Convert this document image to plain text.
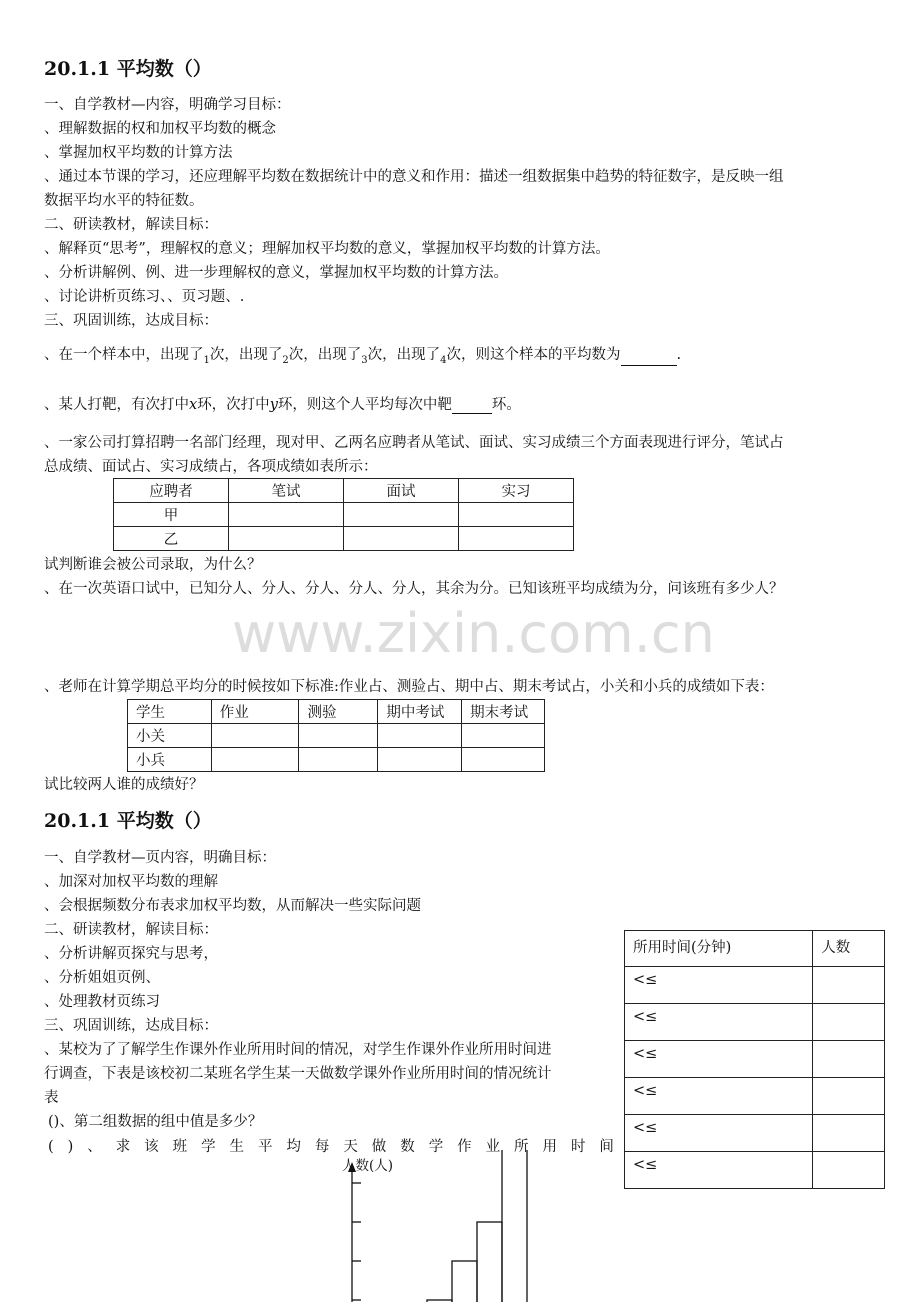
www.zixin.com.cn
20.1.1 平均数（）
一、自学教材—内容，明确学习目标：
、理解数据的权和加权平均数的概念
、掌握加权平均数的计算方法
、通过本节课的学习，还应理解平均数在数据统计中的意义和作用：描述一组数据集中趋势的特征数字，是反映一组
数据平均水平的特征数。
二、研读教材，解读目标：
、解释页“思考”，理解权的意义；理解加权平均数的意义，掌握加权平均数的计算方法。
、分析讲解例、例、进一步理解权的意义，掌握加权平均数的计算方法。
、讨论讲析页练习、、页习题、.
三、巩固训练，达成目标：
、在一个样本中，出现了$_1$次，出现了$_2$次，出现了$_3$次，出现了$_4$次，则这个样本的平均数为	.
、某人打靶，有次打中x环，次打中y环，则这个人平均每次中靶	环。
、一家公司打算招聘一名部门经理，现对甲、乙两名应聘者从笔试、面试、实习成绩三个方面表现进行评分，笔试占
总成绩、面试占、实习成绩占，各项成绩如表所示：
应聘者	笔试	面试	实习
甲			
乙			
试判断谁会被公司录取，为什么？
、在一次英语口试中，已知分人、分人、分人、分人、分人，其余为分。已知该班平均成绩为分，问该班有多少人？
、老师在计算学期总平均分的时候按如下标准:作业占、测验占、期中占、期末考试占，小关和小兵的成绩如下表：
学生	作业	测验	期中考试	期末考试
小关				
小兵				
试比较两人谁的成绩好？
20.1.1 平均数（）
一、自学教材—页内容，明确目标：
、加深对加权平均数的理解
、会根据频数分布表求加权平均数，从而解决一些实际问题
二、研读教材，解读目标：
、分析讲解页探究与思考，
、分析姐姐页例、
、处理教材页练习
三、巩固训练，达成目标：
、某校为了了解学生作课外作业所用时间的情况，对学生作课外作业所用时间进
行调查，下表是该校初二某班名学生某一天做数学课外作业所用时间的情况统计
表
()、第二组数据的组中值是多少？
( ) 、 求 该 班 学 生 平 均 每 天 做 数 学 作 业 所 用 时 间
所用时间(分钟)	人数
<≤	
<≤	
<≤	
<≤	
<≤	
<≤	
人数(人)
